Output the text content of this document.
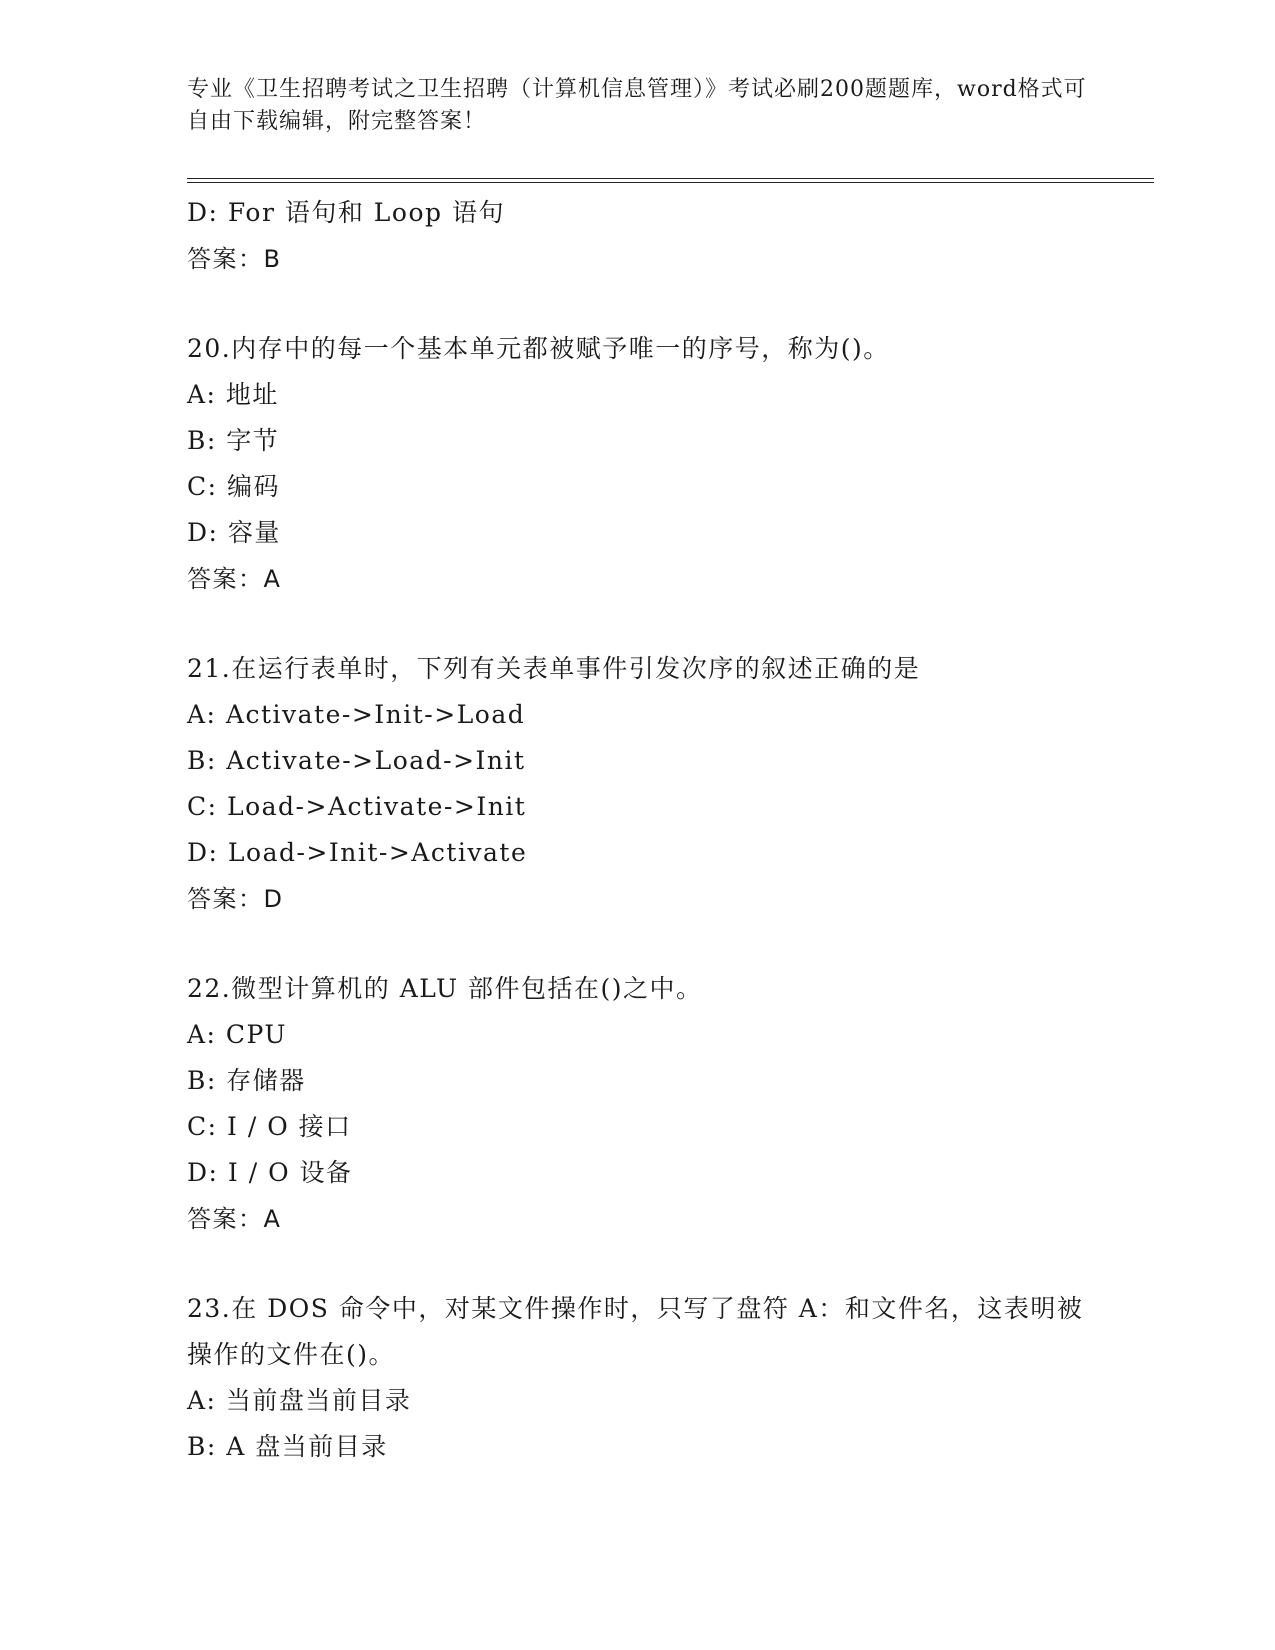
专业《卫生招聘考试之卫生招聘（计算机信息管理）》考试必刷200题题库，word格式可自由下载编辑，附完整答案！
D: For 语句和 Loop 语句
答案：B
20.内存中的每一个基本单元都被赋予唯一的序号，称为()。
A: 地址
B: 字节
C: 编码
D: 容量
答案：A
21.在运行表单时，下列有关表单事件引发次序的叙述正确的是
A: Activate->Init->Load
B: Activate->Load->Init
C: Load->Activate->Init
D: Load->Init->Activate
答案：D
22.微型计算机的 ALU 部件包括在()之中。
A: CPU
B: 存储器
C: I / O 接口
D: I / O 设备
答案：A
23.在 DOS 命令中，对某文件操作时，只写了盘符 A：和文件名，这表明被操作的文件在()。
A: 当前盘当前目录
B: A 盘当前目录
